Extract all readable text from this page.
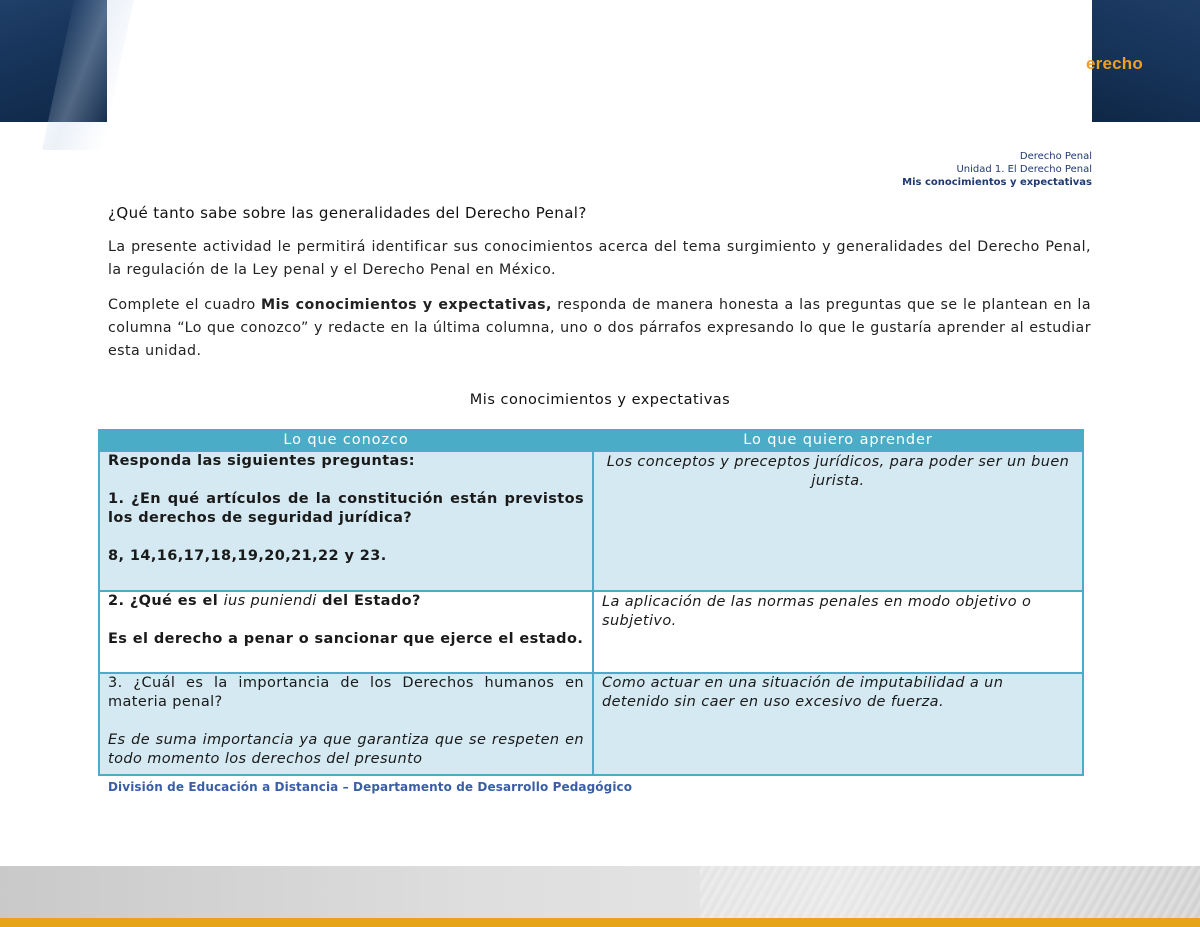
erecho
Derecho Penal
Unidad 1. El Derecho Penal
Mis conocimientos y expectativas
¿Qué tanto sabe sobre las generalidades del Derecho Penal?

La presente actividad le permitirá identificar sus conocimientos acerca del tema surgimiento y generalidades del Derecho Penal, la regulación de la Ley penal y el Derecho Penal en México.

Complete el cuadro Mis conocimientos y expectativas, responda de manera honesta a las preguntas que se le plantean en la columna “Lo que conozco” y redacte en la última columna, uno o dos párrafos expresando lo que le gustaría aprender al estudiar esta unidad.

Mis conocimientos y expectativas
Lo que conozco	Lo que quiero aprender

Responda las siguientes preguntas:
1. ¿En qué artículos de la constitución están previstos los derechos de seguridad jurídica?
8, 14,16,17,18,19,20,21,22 y 23.	Los conceptos y preceptos jurídicos, para poder ser un buen jurista.

2. ¿Qué es el ius puniendi del Estado?
Es el derecho a penar o sancionar que ejerce el estado.	La aplicación de las normas penales en modo objetivo o subjetivo.

3. ¿Cuál es la importancia de los Derechos humanos en materia penal?
Es de suma importancia ya que garantiza que se respeten en todo momento los derechos del presunto	Como actuar en una situación de imputabilidad a un detenido sin caer en uso excesivo de fuerza.
División de Educación a Distancia – Departamento de Desarrollo Pedagógico
